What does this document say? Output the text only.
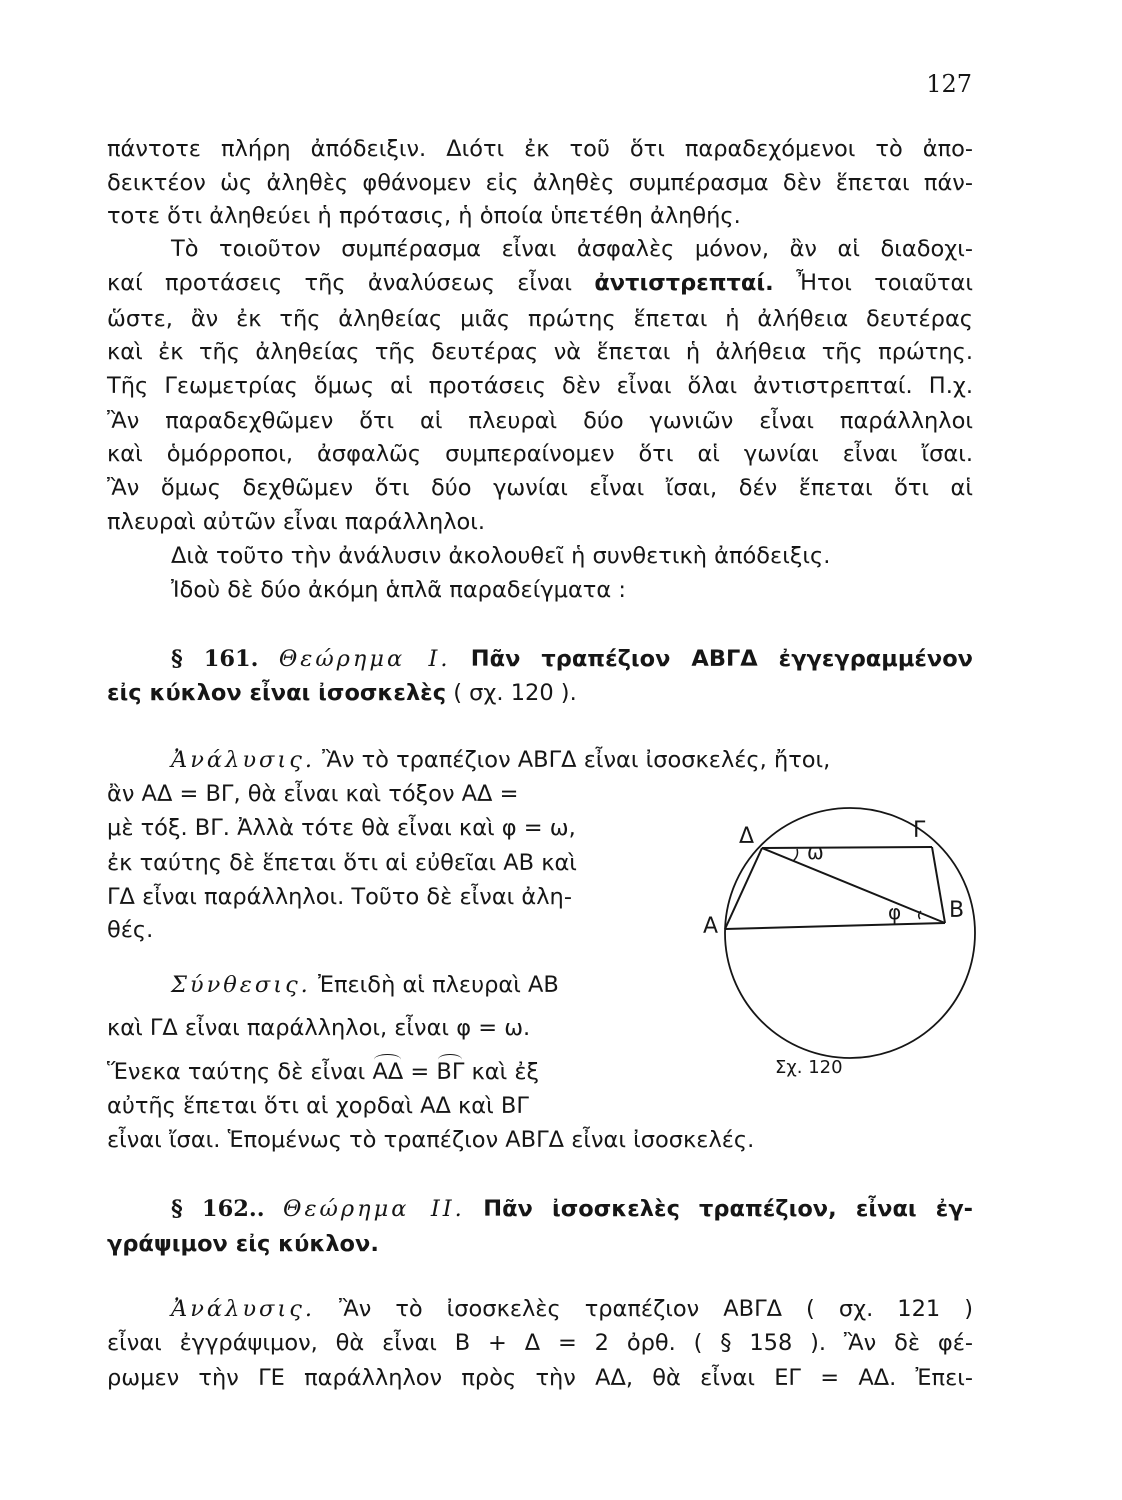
127
πάντοτε πλήρη ἀπόδειξιν. Διότι ἐκ τοῦ ὅτι παραδεχόμενοι τὸ ἀπο-
δεικτέον ὡς ἀληθὲς φθάνομεν εἰς ἀληθὲς συμπέρασμα δὲν ἕπεται πάν-
τοτε ὅτι ἀληθεύει ἡ πρότασις, ἡ ὁποία ὑπετέθη ἀληθής.
Τὸ τοιοῦτον συμπέρασμα εἶναι ἀσφαλὲς μόνον, ἂν αἱ διαδοχι-
καί προτάσεις τῆς ἀναλύσεως εἶναι ἀντιστρεπταί. Ἦτοι τοιαῦται
ὥστε, ἂν ἐκ τῆς ἀληθείας μιᾶς πρώτης ἕπεται ἡ ἀλήθεια δευτέρας
καὶ ἐκ τῆς ἀληθείας τῆς δευτέρας νὰ ἕπεται ἡ ἀλήθεια τῆς πρώτης.
Τῆς Γεωμετρίας ὅμως αἱ προτάσεις δὲν εἶναι ὅλαι ἀντιστρεπταί. Π.χ.
Ἂν παραδεχθῶμεν ὅτι αἱ πλευραὶ δύο γωνιῶν εἶναι παράλληλοι
καὶ ὁμόρροποι, ἀσφαλῶς συμπεραίνομεν ὅτι αἱ γωνίαι εἶναι ἴσαι.
Ἂν ὅμως δεχθῶμεν ὅτι δύο γωνίαι εἶναι ἴσαι, δέν ἕπεται ὅτι αἱ
πλευραὶ αὐτῶν εἶναι παράλληλοι.
Διὰ τοῦτο τὴν ἀνάλυσιν ἀκολουθεῖ ἡ συνθετικὴ ἀπόδειξις.
Ἰδοὺ δὲ δύο ἀκόμη ἁπλᾶ παραδείγματα :
§ 161. Θεώρημα I. Πᾶν τραπέζιον ΑΒΓΔ ἐγγεγραμμένον
εἰς κύκλον εἶναι ἰσοσκελὲς ( σχ. 120 ).
Ἀνάλυσις. Ἂν τὸ τραπέζιον ΑΒΓΔ εἶναι ἰσοσκελές, ἤτοι,
ἂν ΑΔ = ΒΓ, θὰ εἶναι καὶ τόξον ΑΔ =
μὲ τόξ. ΒΓ. Ἀλλὰ τότε θὰ εἶναι καὶ φ = ω,
ἐκ ταύτης δὲ ἕπεται ὅτι αἱ εὐθεῖαι ΑΒ καὶ
ΓΔ εἶναι παράλληλοι. Τοῦτο δὲ εἶναι ἀλη-
θές.
Σύνθεσις. Ἐπειδὴ αἱ πλευραὶ ΑΒ
καὶ ΓΔ εἶναι παράλληλοι, εἶναι φ = ω.
Ἕνεκα ταύτης δὲ εἶναι ΑΔ = ΒΓ καὶ ἐξ
αὐτῆς ἕπεται ὅτι αἱ χορδαὶ ΑΔ καὶ ΒΓ
εἶναι ἴσαι. Ἑπομένως τὸ τραπέζιον ΑΒΓΔ εἶναι ἰσοσκελές.
Δ	Γ
Α
Β
ω
φ
Σχ. 120
§ 162.. Θεώρημα II. Πᾶν ἰσοσκελὲς τραπέζιον, εἶναι ἐγ-
γράψιμον εἰς κύκλον.
Ἀνάλυσις. Ἂν τὸ ἰσοσκελὲς τραπέζιον ΑΒΓΔ ( σχ. 121 )
εἶναι ἐγγράψιμον, θὰ εἶναι Β + Δ = 2 ὀρθ. ( § 158 ). Ἂν δὲ φέ-
ρωμεν τὴν ΓΕ παράλληλον πρὸς τὴν ΑΔ, θὰ εἶναι ΕΓ = ΑΔ. Ἐπει-
